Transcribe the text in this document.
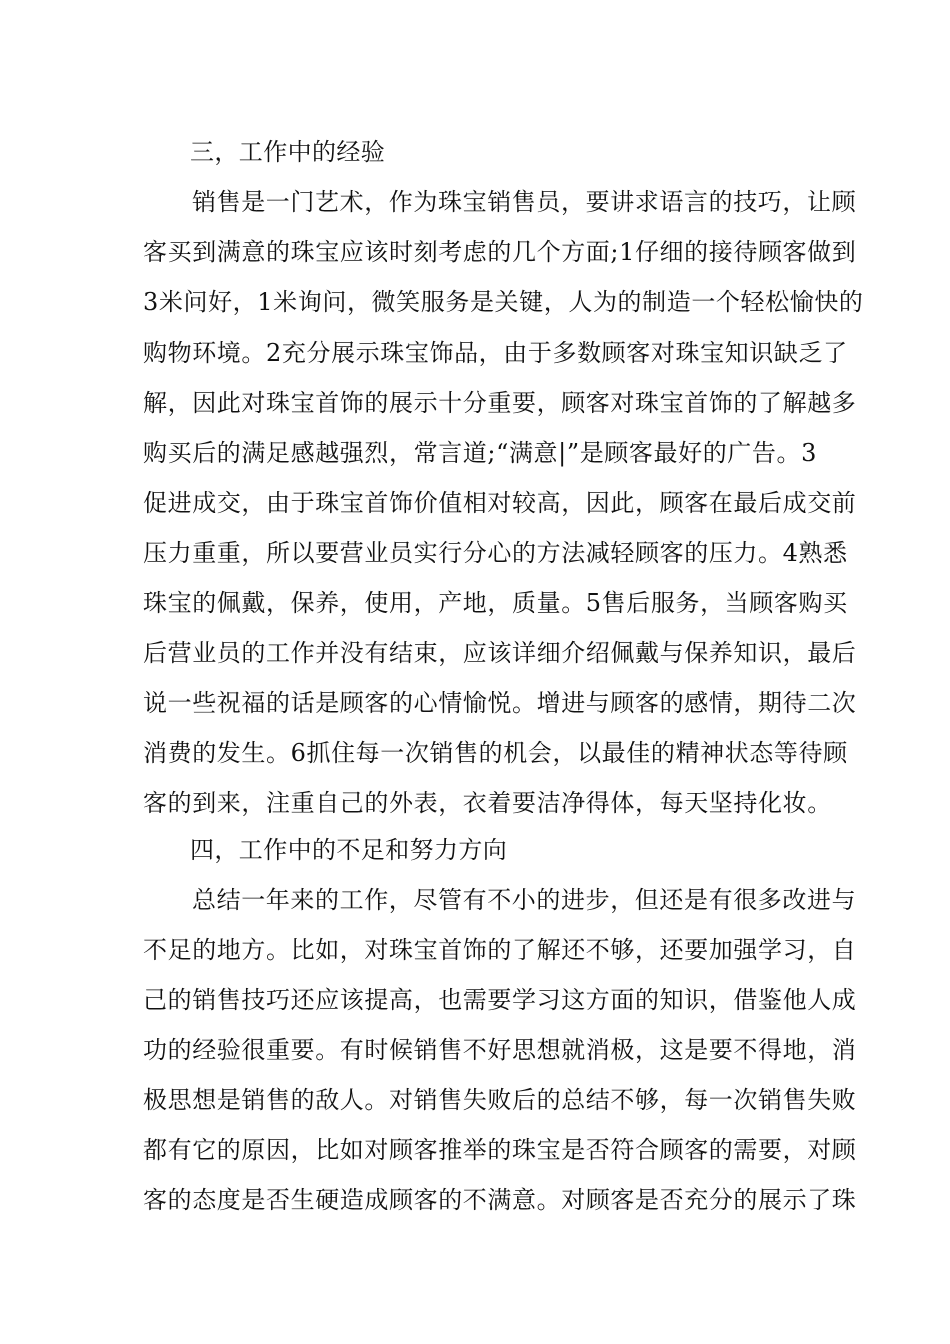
三，工作中的经验
销售是一门艺术，作为珠宝销售员，要讲求语言的技巧，让顾
客买到满意的珠宝应该时刻考虑的几个方面;1仔细的接待顾客做到
3米问好，1米询问，微笑服务是关键，人为的制造一个轻松愉快的
购物环境。2充分展示珠宝饰品，由于多数顾客对珠宝知识缺乏了
解，因此对珠宝首饰的展示十分重要，顾客对珠宝首饰的了解越多
购买后的满足感越强烈，常言道;“满意|”是顾客最好的广告。3
促进成交，由于珠宝首饰价值相对较高，因此，顾客在最后成交前
压力重重，所以要营业员实行分心的方法减轻顾客的压力。4熟悉
珠宝的佩戴，保养，使用，产地，质量。5售后服务，当顾客购买
后营业员的工作并没有结束，应该详细介绍佩戴与保养知识，最后
说一些祝福的话是顾客的心情愉悦。增进与顾客的感情，期待二次
消费的发生。6抓住每一次销售的机会，以最佳的精神状态等待顾
客的到来，注重自己的外表，衣着要洁净得体，每天坚持化妆。
四，工作中的不足和努力方向
总结一年来的工作，尽管有不小的进步，但还是有很多改进与
不足的地方。比如，对珠宝首饰的了解还不够，还要加强学习，自
己的销售技巧还应该提高，也需要学习这方面的知识，借鉴他人成
功的经验很重要。有时候销售不好思想就消极，这是要不得地，消
极思想是销售的敌人。对销售失败后的总结不够，每一次销售失败
都有它的原因，比如对顾客推举的珠宝是否符合顾客的需要，对顾
客的态度是否生硬造成顾客的不满意。对顾客是否充分的展示了珠
